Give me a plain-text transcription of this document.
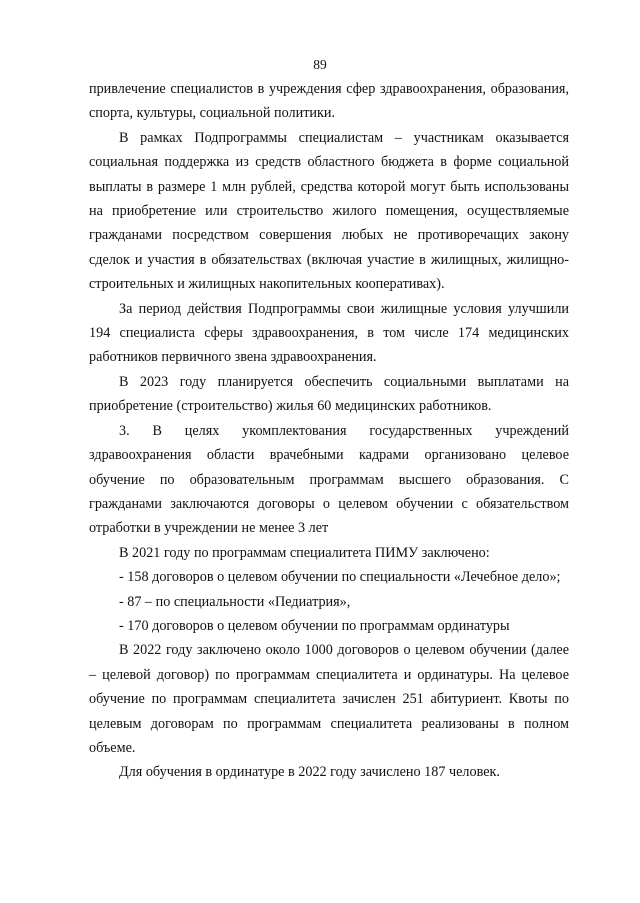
89

привлечение специалистов в учреждения сфер здравоохранения, образования, спорта, культуры, социальной политики.

В рамках Подпрограммы специалистам – участникам оказывается социальная поддержка из средств областного бюджета в форме социальной выплаты в размере 1 млн рублей, средства которой могут быть использованы на приобретение или строительство жилого помещения, осуществляемые гражданами посредством совершения любых не противоречащих закону сделок и участия в обязательствах (включая участие в жилищных, жилищно-строительных и жилищных накопительных кооперативах).

За период действия Подпрограммы свои жилищные условия улучшили 194 специалиста сферы здравоохранения, в том числе 174 медицинских работников первичного звена здравоохранения.

В 2023 году планируется обеспечить социальными выплатами на приобретение (строительство) жилья 60 медицинских работников.

3. В целях укомплектования государственных учреждений здравоохранения области врачебными кадрами организовано целевое обучение по образовательным программам высшего образования. С гражданами заключаются договоры о целевом обучении с обязательством отработки в учреждении не менее 3 лет

В 2021 году по программам специалитета ПИМУ заключено:

- 158 договоров о целевом обучении по специальности «Лечебное дело»;

- 87 – по специальности «Педиатрия»,

- 170 договоров о целевом обучении по программам ординатуры

В 2022 году заключено около 1000 договоров о целевом обучении (далее – целевой договор) по программам специалитета и ординатуры. На целевое обучение по программам специалитета зачислен 251 абитуриент. Квоты по целевым договорам по программам специалитета реализованы в полном объеме.

Для обучения в ординатуре в 2022 году зачислено 187 человек.
